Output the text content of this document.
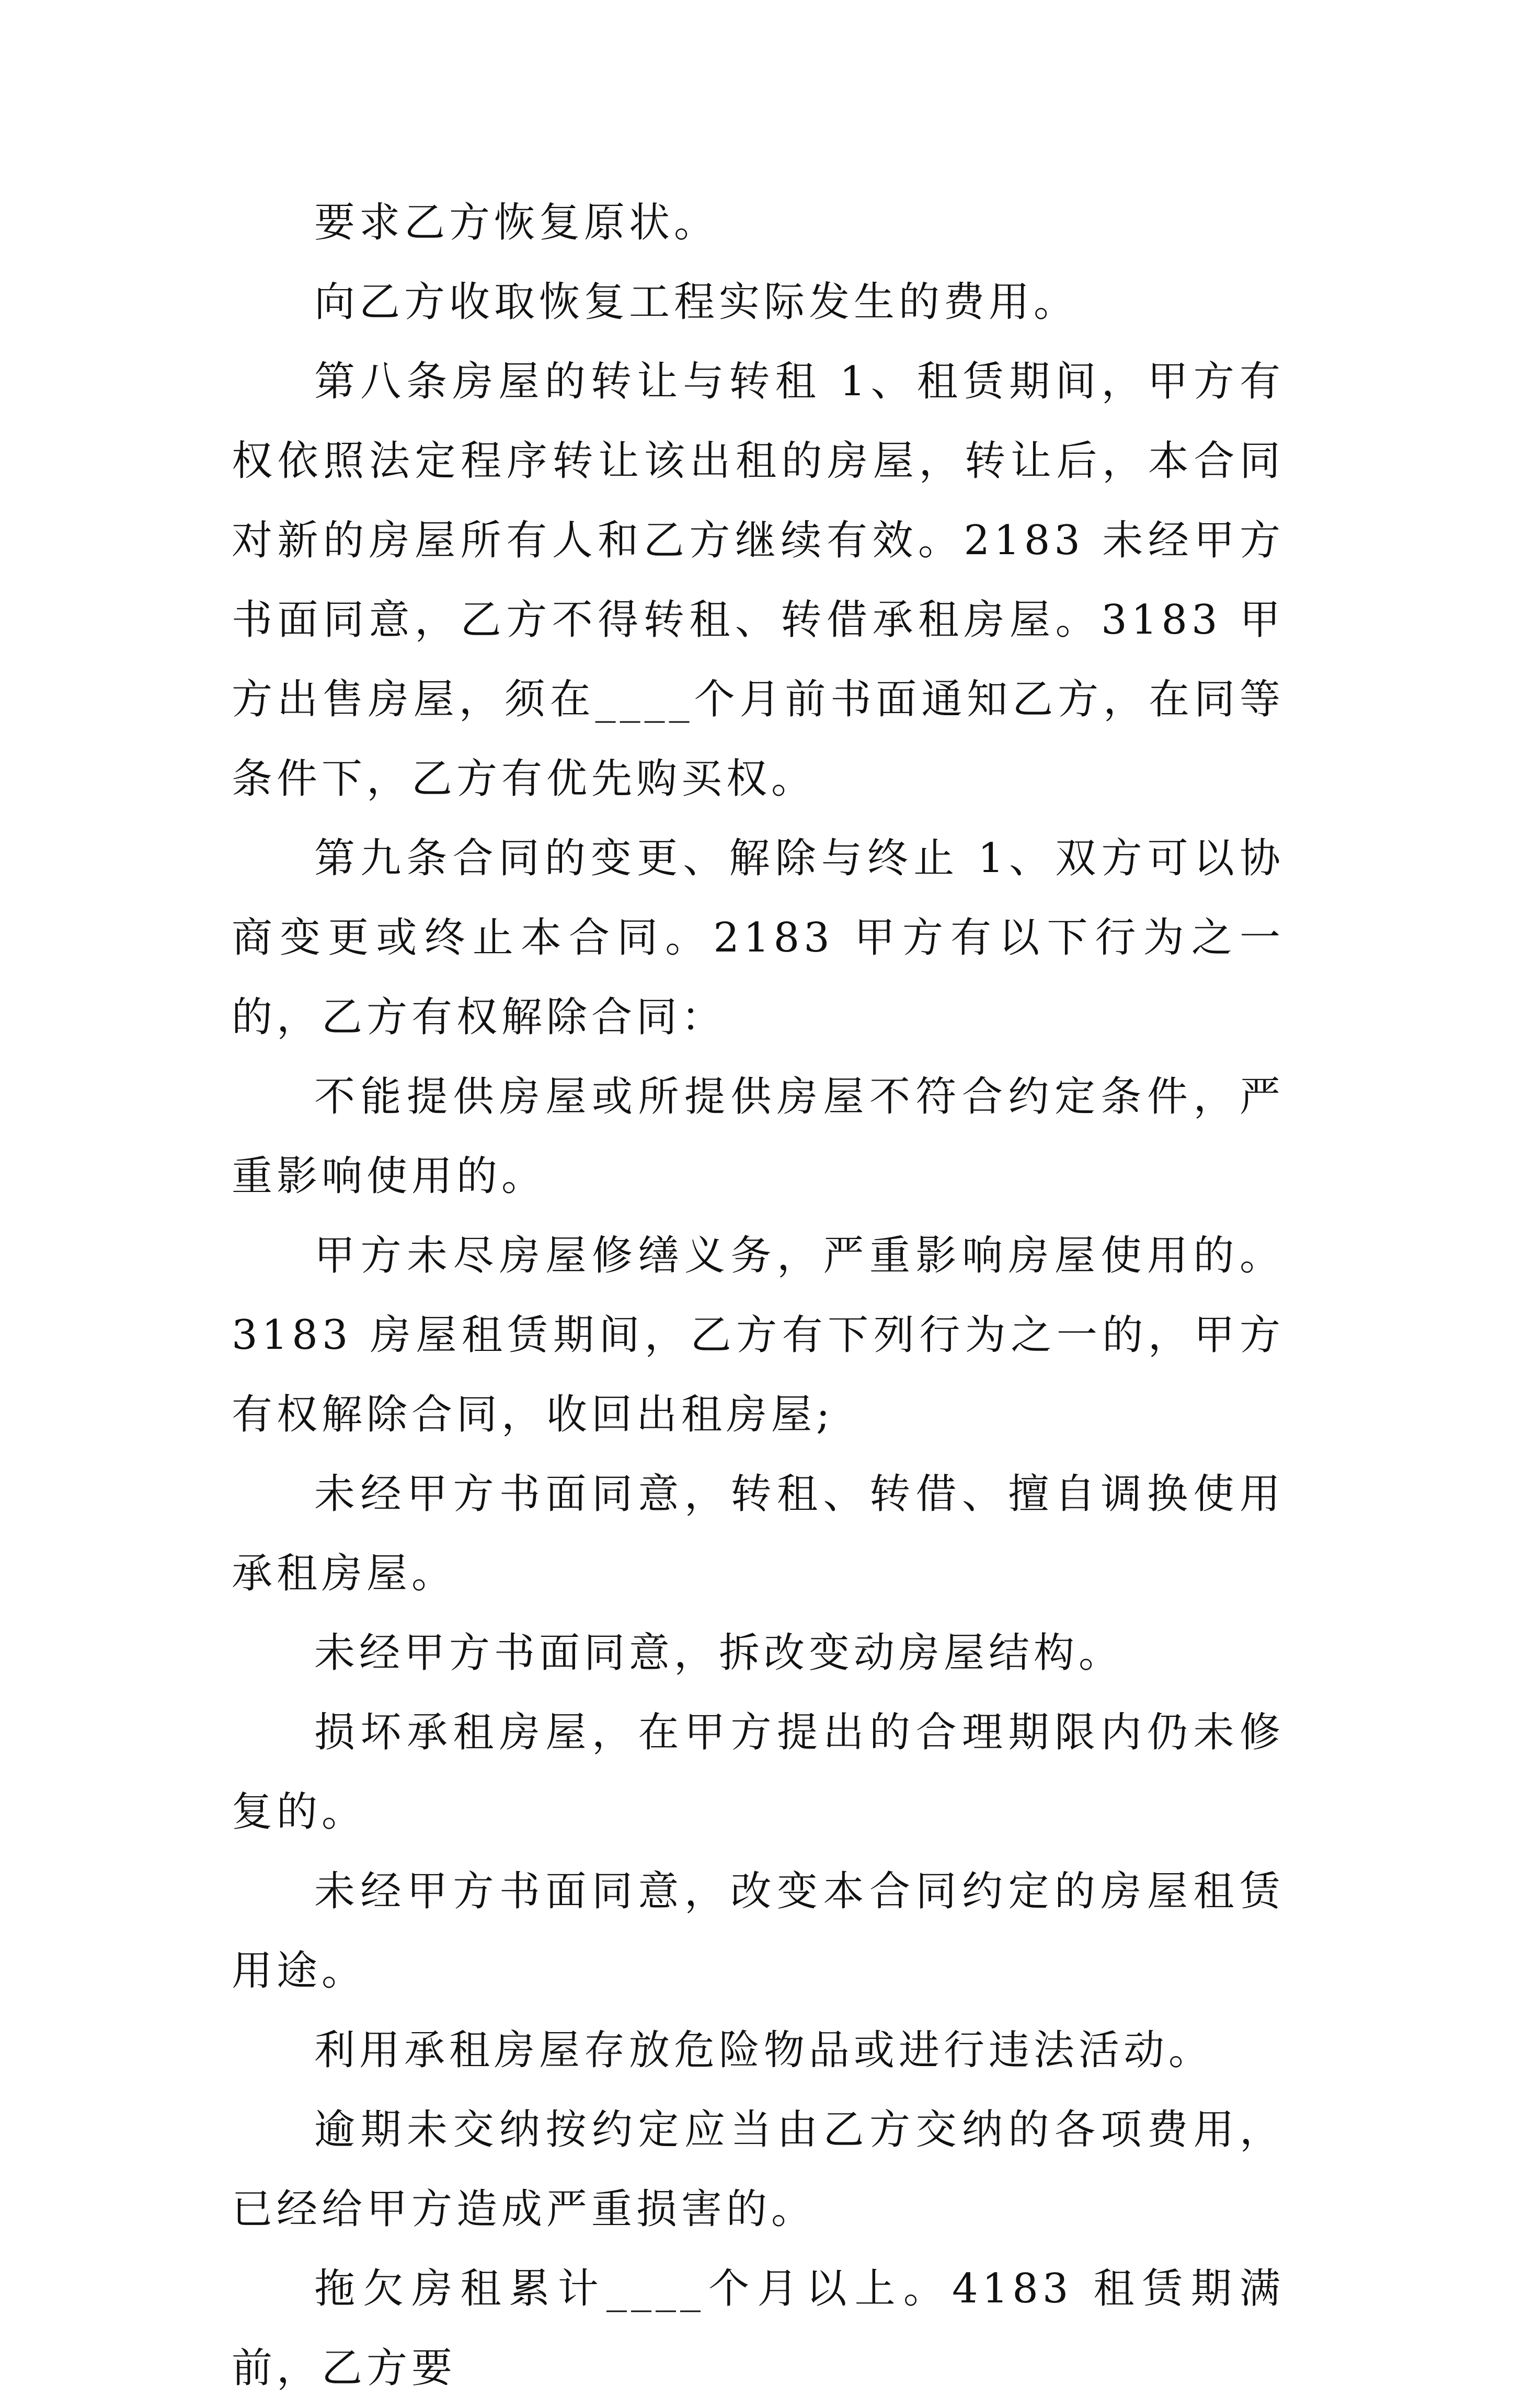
要求乙方恢复原状。

向乙方收取恢复工程实际发生的费用。

第八条房屋的转让与转租 1、租赁期间，甲方有权依照法定程序转让该出租的房屋，转让后，本合同对新的房屋所有人和乙方继续有效。2183 未经甲方书面同意，乙方不得转租、转借承租房屋。3183 甲方出售房屋，须在____个月前书面通知乙方，在同等条件下，乙方有优先购买权。

第九条合同的变更、解除与终止 1、双方可以协商变更或终止本合同。2183 甲方有以下行为之一的，乙方有权解除合同：

不能提供房屋或所提供房屋不符合约定条件，严重影响使用的。

甲方未尽房屋修缮义务，严重影响房屋使用的。3183 房屋租赁期间，乙方有下列行为之一的，甲方有权解除合同，收回出租房屋;

未经甲方书面同意，转租、转借、擅自调换使用承租房屋。

未经甲方书面同意，拆改变动房屋结构。

损坏承租房屋，在甲方提出的合理期限内仍未修复的。

未经甲方书面同意，改变本合同约定的房屋租赁用途。

利用承租房屋存放危险物品或进行违法活动。

逾期未交纳按约定应当由乙方交纳的各项费用，已经给甲方造成严重损害的。

拖欠房租累计____个月以上。4183 租赁期满前，乙方要
